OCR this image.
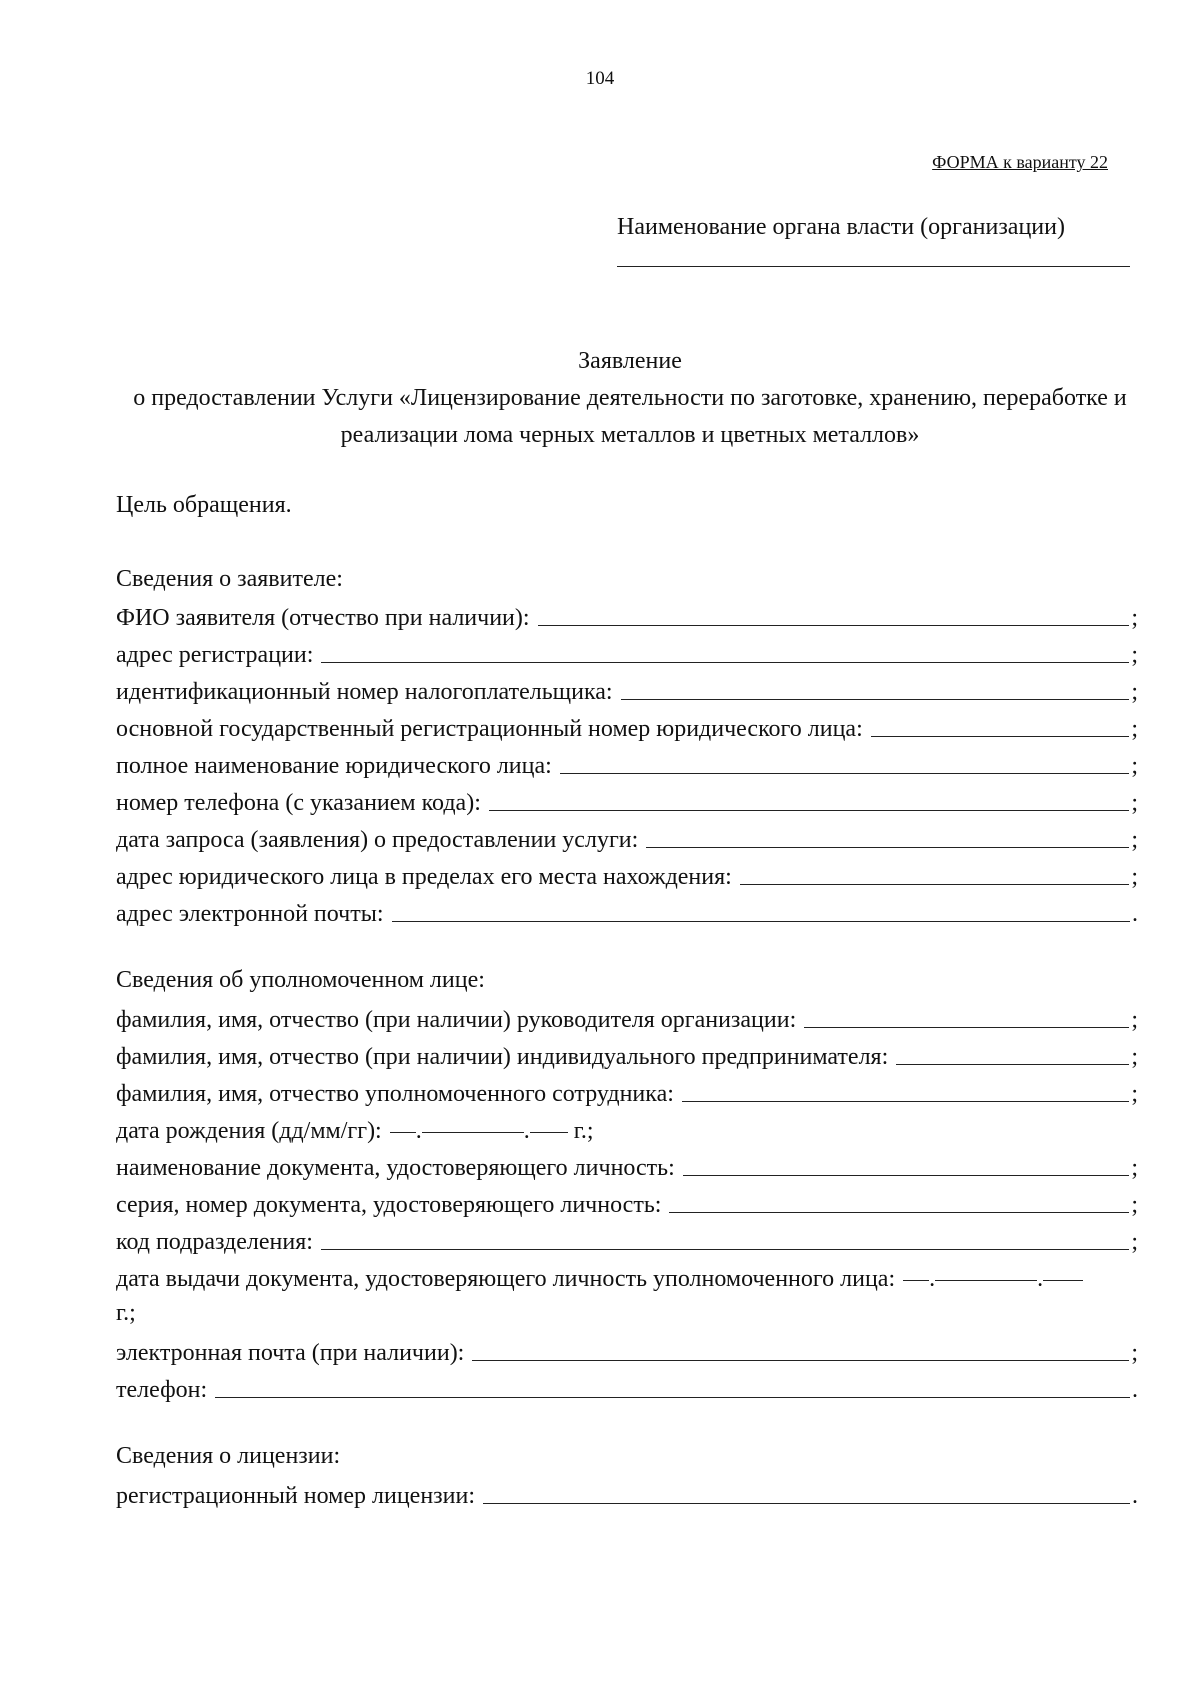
104
ФОРМА к варианту 22
Наименование органа власти (организации)
Заявление
о предоставлении Услуги «Лицензирование деятельности по заготовке, хранению, переработке и
реализации лома черных металлов и цветных металлов»
Цель обращения.
Сведения о заявителе:
ФИО заявителя (отчество при наличии):	;
адрес регистрации:	;
идентификационный номер налогоплательщика:	;
основной государственный регистрационный номер юридического лица:	;
полное наименование юридического лица:	;
номер телефона (с указанием кода):	;
дата запроса (заявления) о предоставлении услуги:	;
адрес юридического лица в пределах его места нахождения:	;
адрес электронной почты:	.
Сведения об уполномоченном лице:
фамилия, имя, отчество (при наличии) руководителя организации:	;
фамилия, имя, отчество (при наличии) индивидуального предпринимателя:	;
фамилия, имя, отчество уполномоченного сотрудника:	;
дата рождения (дд/мм/гг):	.	. г.;
наименование документа, удостоверяющего личность:	;
серия, номер документа, удостоверяющего личность:	;
код подразделения:	;
дата выдачи документа, удостоверяющего личность уполномоченного лица:	.	.
г.;
электронная почта (при наличии):	;
телефон:	.
Сведения о лицензии:
регистрационный номер лицензии:	.
